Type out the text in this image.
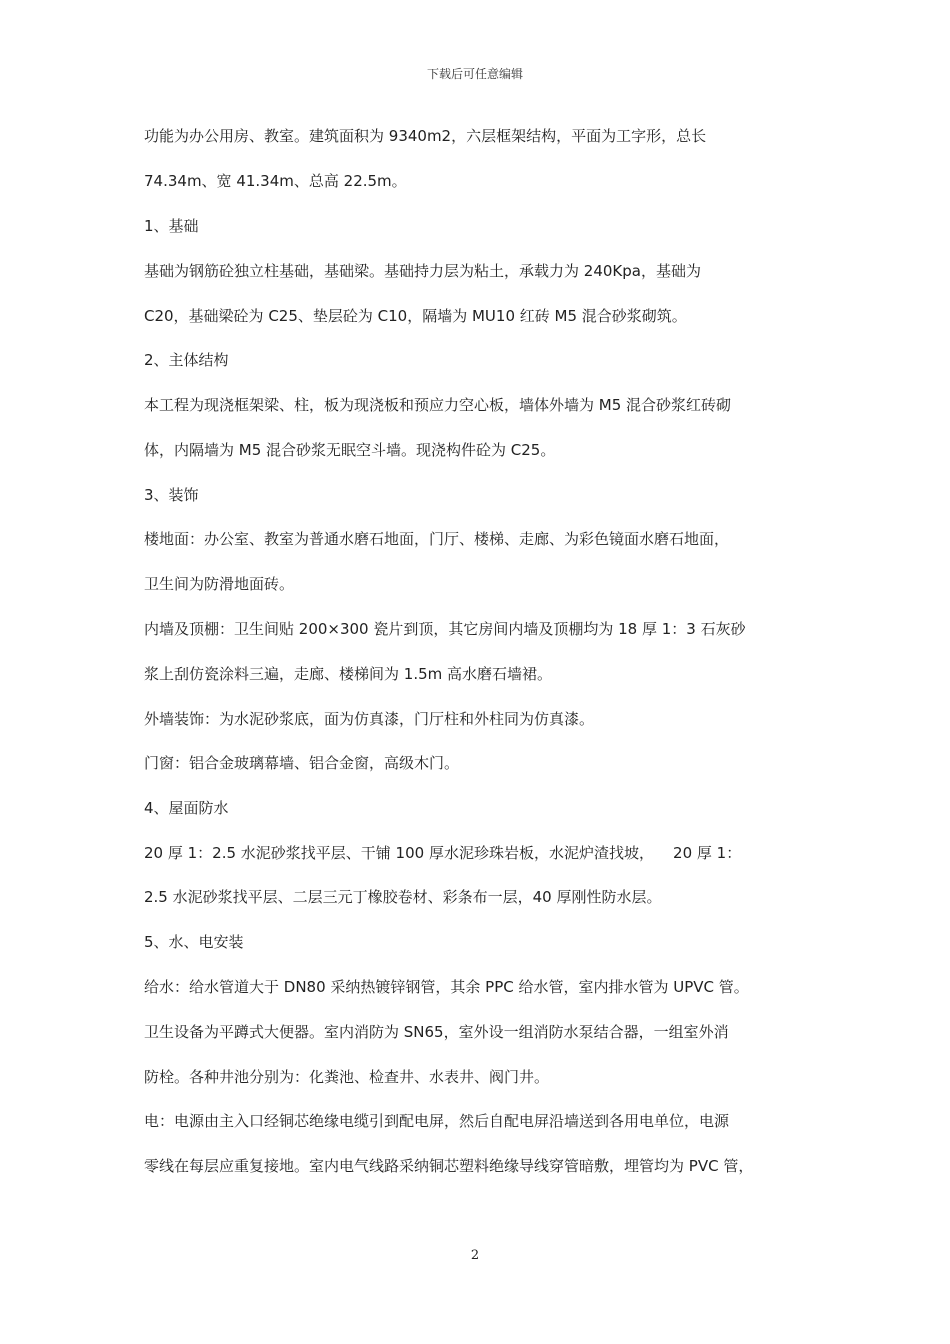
下载后可任意编辑
功能为办公用房、教室。建筑面积为 9340m2，六层框架结构，平面为工字形，总长
74.34m、宽 41.34m、总高 22.5m。
1、基础
基础为钢筋砼独立柱基础，基础梁。基础持力层为粘土，承载力为 240Kpa，基础为
C20，基础梁砼为 C25、垫层砼为 C10，隔墙为 MU10 红砖 M5 混合砂浆砌筑。
2、主体结构
本工程为现浇框架梁、柱，板为现浇板和预应力空心板，墙体外墙为 M5 混合砂浆红砖砌
体，内隔墙为 M5 混合砂浆无眠空斗墙。现浇构件砼为 C25。
3、装饰
楼地面：办公室、教室为普通水磨石地面，门厅、楼梯、走廊、为彩色镜面水磨石地面，
卫生间为防滑地面砖。
内墙及顶棚：卫生间贴 200×300 瓷片到顶，其它房间内墙及顶棚均为 18 厚 1：3 石灰砂
浆上刮仿瓷涂料三遍，走廊、楼梯间为 1.5m 高水磨石墙裙。
外墙装饰：为水泥砂浆底，面为仿真漆，门厅柱和外柱同为仿真漆。
门窗：铝合金玻璃幕墙、铝合金窗，高级木门。
4、屋面防水
20 厚 1：2.5 水泥砂浆找平层、干铺 100 厚水泥珍珠岩板，水泥炉渣找坡，    20 厚 1：
2.5 水泥砂浆找平层、二层三元丁橡胶卷材、彩条布一层，40 厚刚性防水层。
5、水、电安装
给水：给水管道大于 DN80 采纳热镀锌钢管，其余 PPC 给水管，室内排水管为 UPVC 管。
卫生设备为平蹲式大便器。室内消防为 SN65，室外设一组消防水泵结合器，一组室外消
防栓。各种井池分别为：化粪池、检查井、水表井、阀门井。
电：电源由主入口经铜芯绝缘电缆引到配电屏，然后自配电屏沿墙送到各用电单位，电源
零线在每层应重复接地。室内电气线路采纳铜芯塑料绝缘导线穿管暗敷，埋管均为 PVC 管，
2
